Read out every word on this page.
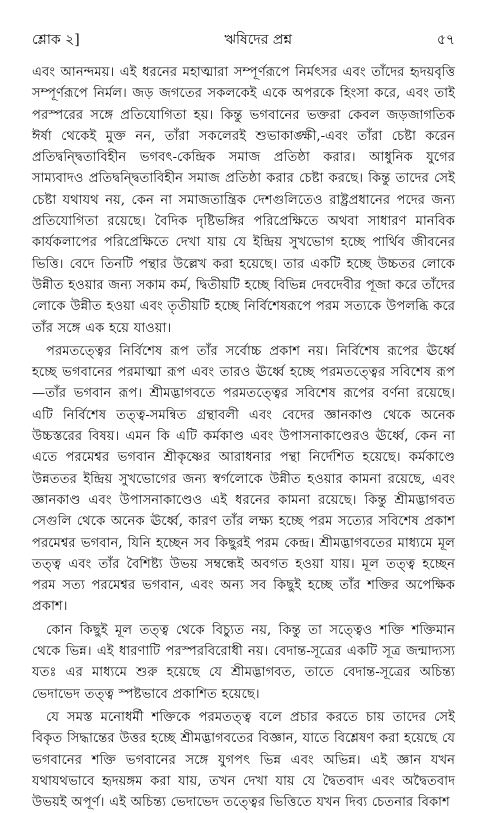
শ্লোক ২]	ঋষিদের প্রশ্ন	৫৭

এবং আনন্দময়। এই ধরনের মহাত্মারা সম্পূর্ণরূপে নির্মৎসর এবং তাঁদের হৃদয়বৃত্তি সম্পূর্ণরূপে নির্মল। জড় জগতের সকলকেই একে অপরকে হিংসা করে, এবং তাই পরস্পরের সঙ্গে প্রতিযোগিতা হয়। কিন্তু ভগবানের ভক্তরা কেবল জড়জাগতিক ঈর্ষা থেকেই মুক্ত নন, তাঁরা সকলেরই শুভাকাঙ্ক্ষী,-এবং তাঁরা চেষ্টা করেন প্রতিদ্বন্দ্বিতাবিহীন ভগবৎ-কেন্দ্রিক সমাজ প্রতিষ্ঠা করার। আধুনিক যুগের সাম্যবাদও প্রতিদ্বন্দ্বিতাবিহীন সমাজ প্রতিষ্ঠা করার চেষ্টা করছে। কিন্তু তাদের সেই চেষ্টা যথাযথ নয়, কেন না সমাজতান্ত্রিক দেশগুলিতেও রাষ্ট্রপ্রধানের পদের জন্য প্রতিযোগিতা রয়েছে। বৈদিক দৃষ্টিভঙ্গির পরিপ্রেক্ষিতে অথবা সাধারণ মানবিক কার্যকলাপের পরিপ্রেক্ষিতে দেখা যায় যে ইন্দ্রিয় সুখভোগ হচ্ছে পার্থিব জীবনের ভিত্তি। বেদে তিনটি পন্থার উল্লেখ করা হয়েছে। তার একটি হচ্ছে উচ্চতর লোকে উন্নীত হওয়ার জন্য সকাম কর্ম, দ্বিতীয়টি হচ্ছে বিভিন্ন দেবদেবীর পূজা করে তাঁদের লোকে উন্নীত হওয়া এবং তৃতীয়টি হচ্ছে নির্বিশেষরূপে পরম সত্যকে উপলব্ধি করে তাঁর সঙ্গে এক হয়ে যাওয়া।

পরমতত্ত্বের নির্বিশেষ রূপ তাঁর সর্বোচ্চ প্রকাশ নয়। নির্বিশেষ রূপের ঊর্ধ্বে হচ্ছে ভগবানের পরমাত্মা রূপ এবং তারও ঊর্ধ্বে হচ্ছে পরমতত্ত্বের সবিশেষ রূপ—তাঁর ভগবান রূপ। শ্রীমদ্ভাগবতে পরমতত্ত্বের সবিশেষ রূপের বর্ণনা রয়েছে। এটি নির্বিশেষ তত্ত্ব-সমন্বিত গ্রন্থাবলী এবং বেদের জ্ঞানকাণ্ড থেকে অনেক উচ্চস্তরের বিষয়। এমন কি এটি কর্মকাণ্ড এবং উপাসনাকাণ্ডেরও ঊর্ধ্বে, কেন না এতে পরমেশ্বর ভগবান শ্রীকৃষ্ণের আরাধনার পন্থা নির্দেশিত হয়েছে। কর্মকাণ্ডে উন্নততর ইন্দ্রিয় সুখভোগের জন্য স্বর্গলোকে উন্নীত হওয়ার কামনা রয়েছে, এবং জ্ঞানকাণ্ড এবং উপাসনাকাণ্ডেও এই ধরনের কামনা রয়েছে। কিন্তু শ্রীমদ্ভাগবত সেগুলি থেকে অনেক ঊর্ধ্বে, কারণ তাঁর লক্ষ্য হচ্ছে পরম সত্যের সবিশেষ প্রকাশ পরমেশ্বর ভগবান, যিনি হচ্ছেন সব কিছুরই পরম কেন্দ্র। শ্রীমদ্ভাগবতের মাধ্যমে মূল তত্ত্ব এবং তাঁর বৈশিষ্ট্য উভয় সম্বন্ধেই অবগত হওয়া যায়। মূল তত্ত্ব হচ্ছেন পরম সত্য পরমেশ্বর ভগবান, এবং অন্য সব কিছুই হচ্ছে তাঁর শক্তির অপেক্ষিক প্রকাশ।

কোন কিছুই মূল তত্ত্ব থেকে বিচ্যুত নয়, কিন্তু তা সত্ত্বেও শক্তি শক্তিমান থেকে ভিন্ন। এই ধারণাটি পরস্পরবিরোধী নয়। বেদান্ত-সূত্রের একটি সূত্র জন্মাদ্যস্য যতঃ এর মাধ্যমে শুরু হয়েছে যে শ্রীমদ্ভাগবত, তাতে বেদান্ত-সূত্রের অচিন্ত্য ভেদাভেদ তত্ত্ব স্পষ্টভাবে প্রকাশিত হয়েছে।

যে সমস্ত মনোধর্মী শক্তিকে পরমতত্ত্ব বলে প্রচার করতে চায় তাদের সেই বিকৃত সিদ্ধান্তের উত্তর হচ্ছে শ্রীমদ্ভাগবতের বিজ্ঞান, যাতে বিশ্লেষণ করা হয়েছে যে ভগবানের শক্তি ভগবানের সঙ্গে যুগপৎ ভিন্ন এবং অভিন্ন। এই জ্ঞান যখন যথাযথভাবে হৃদয়ঙ্গম করা যায়, তখন দেখা যায় যে দ্বৈতবাদ এবং অদ্বৈতবাদ উভয়ই অপূর্ণ। এই অচিন্ত্য ভেদাভেদ তত্ত্বের ভিত্তিতে যখন দিব্য চেতনার বিকাশ
